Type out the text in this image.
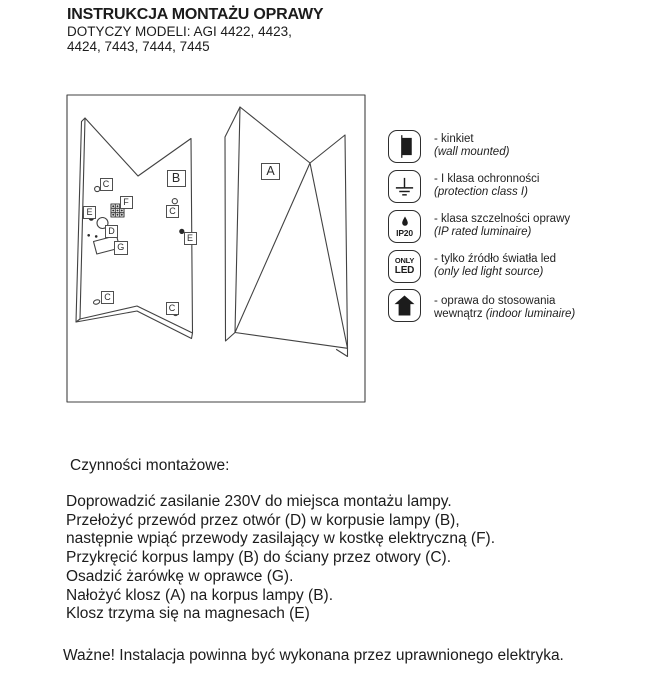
INSTRUKCJA MONTAŻU OPRAWY
DOTYCZY MODELI: AGI 4422, 4423,
4424, 7443, 7444, 7445
B
A
C
F
C
E
D
G
E
C
C
- kinkiet
(wall mounted)
- I klasa ochronności
(protection class I)
IP20
- klasa szczelności oprawy
(IP rated luminaire)
ONLY
LED
- tylko źródło światła led
(only led light source)
- oprawa do stosowania
wewnątrz (indoor luminaire)
Czynności montażowe:
Doprowadzić zasilanie 230V do miejsca montażu lampy.
Przełożyć przewód przez otwór (D) w korpusie lampy (B),
następnie wpiąć przewody zasilający w kostkę elektryczną (F).
Przykręcić korpus lampy (B) do ściany przez otwory (C).
Osadzić żarówkę w oprawce (G).
Nałożyć klosz (A) na korpus lampy (B).
Klosz trzyma się na magnesach (E)
Ważne! Instalacja powinna być wykonana przez uprawnionego elektryka.
